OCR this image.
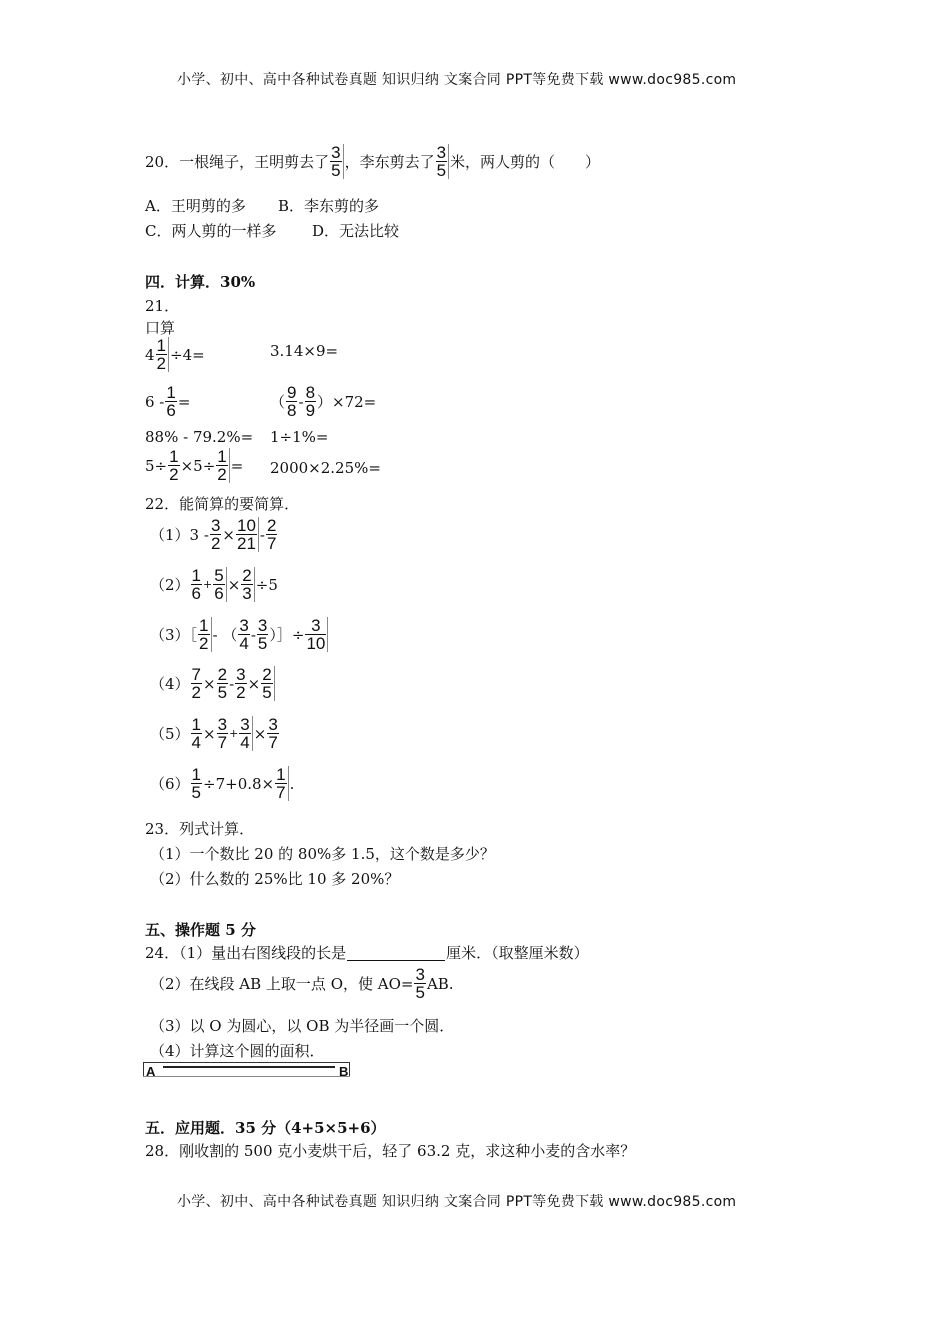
小学、初中、高中各种试卷真题 知识归纳 文案合同 PPT等免费下载 www.doc985.com
20．一根绳子，王明剪去了 $\frac{3}{5}$ ，李东剪去了 $\frac{3}{5}$ 米，两人剪的（　　）
A．王明剪的多 B．李东剪的多
C．两人剪的一样多 D．无法比较
四．计算．30%
21．
口算
$4 \frac{1}{2} \div 4=$	3.14×9=
$6 - \frac{1}{6}$ =	（ $\frac{9}{8} - \frac{8}{9} )\times 72=$
88% - 79.2%= 1÷1%=
$5\div \frac{1}{2} \times 5\div \frac{1}{2} = 2000\times 2.25\%=$
22．能简算的要简算．
$(1)3 - \frac{3}{2} \times \frac{10}{21} - \frac{2}{7}$
$(2) \frac{1}{6} + \frac{5}{6} \times \frac{2}{3} \div 5$
（3）［ $\frac{1}{2}$ - （ $\frac{3}{4} - \frac{3}{5}$ ）］÷ $\frac{3}{10}$
$(4) \frac{7}{2} \times \frac{2}{5} - \frac{3}{2} \times \frac{2}{5}$
$(5) \frac{1}{4} \times \frac{3}{7} + \frac{3}{4} \times \frac{3}{7}$
$(6) \frac{1}{5} \div 7+0.8\times \frac{1}{7}$ .
23．列式计算．
（1）一个数比 20 的 80%多 1.5，这个数是多少？
（2）什么数的 25%比 10 多 20%？
五、操作题 5 分
24．（1）量出右图线段的长是	厘米．（取整厘米数）
（2）在线段 AB 上取一点 O，使 $AO= \frac{3}{5}$ AB.
（3）以 O 为圆心，以 OB 为半径画一个圆．
（4）计算这个圆的面积．
A	B
五．应用题．35 分（4+5×5+6）
28．刚收割的 500 克小麦烘干后，轻了 63.2 克，求这种小麦的含水率？
小学、初中、高中各种试卷真题 知识归纳 文案合同 PPT等免费下载 www.doc985.com
